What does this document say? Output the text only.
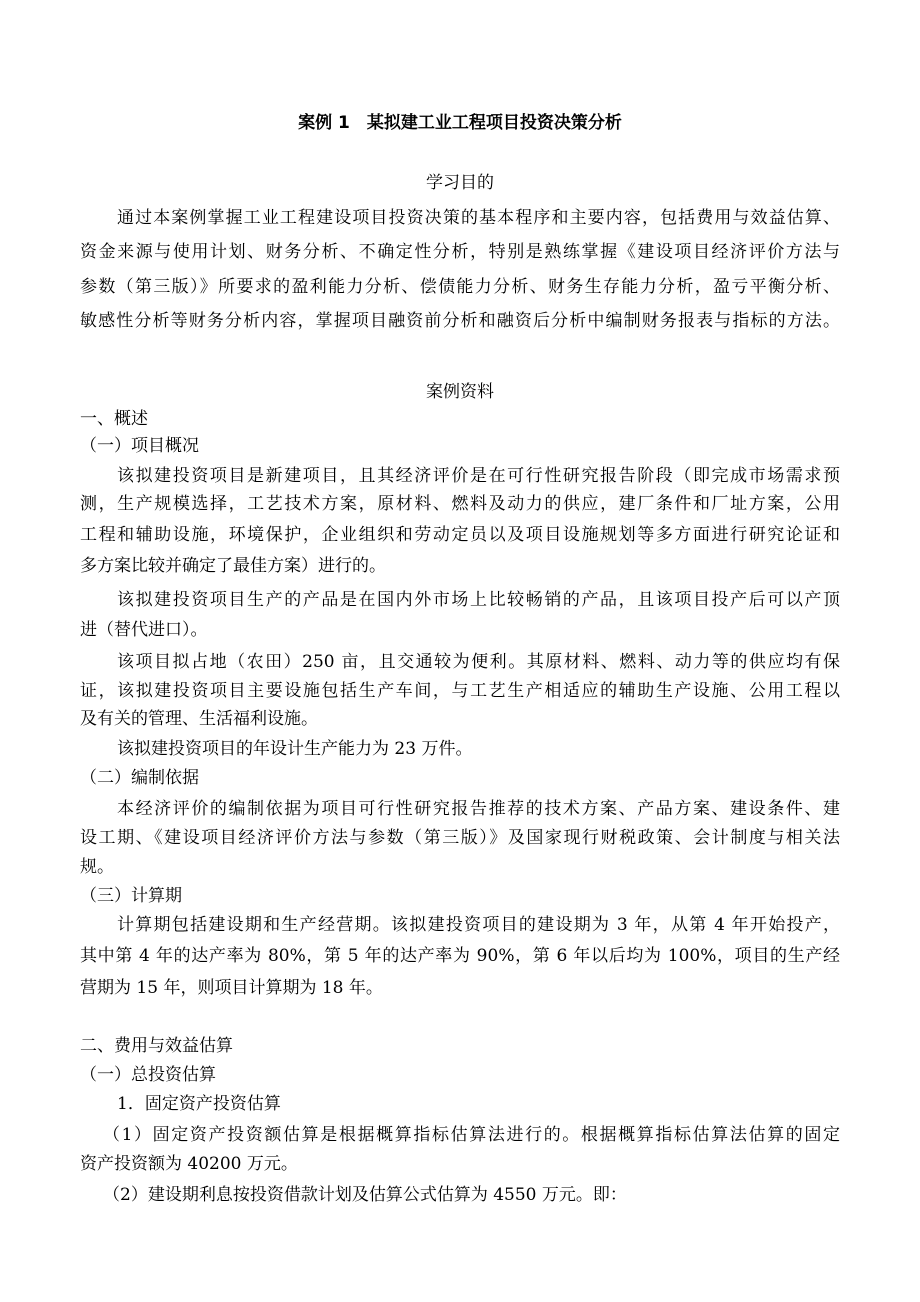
案例 1　某拟建工业工程项目投资决策分析
学习目的
通过本案例掌握工业工程建设项目投资决策的基本程序和主要内容，包括费用与效益估算、
资金来源与使用计划、财务分析、不确定性分析，特别是熟练掌握《建设项目经济评价方法与
参数（第三版）》所要求的盈利能力分析、偿债能力分析、财务生存能力分析，盈亏平衡分析、
敏感性分析等财务分析内容，掌握项目融资前分析和融资后分析中编制财务报表与指标的方法。
案例资料
一、概述
（一）项目概况
该拟建投资项目是新建项目，且其经济评价是在可行性研究报告阶段（即完成市场需求预
测，生产规模选择，工艺技术方案，原材料、燃料及动力的供应，建厂条件和厂址方案，公用
工程和辅助设施，环境保护，企业组织和劳动定员以及项目设施规划等多方面进行研究论证和
多方案比较并确定了最佳方案）进行的。
该拟建投资项目生产的产品是在国内外市场上比较畅销的产品，且该项目投产后可以产顶
进（替代进口）。
该项目拟占地（农田）250 亩，且交通较为便利。其原材料、燃料、动力等的供应均有保
证，该拟建投资项目主要设施包括生产车间，与工艺生产相适应的辅助生产设施、公用工程以
及有关的管理、生活福利设施。
该拟建投资项目的年设计生产能力为 23 万件。
（二）编制依据
本经济评价的编制依据为项目可行性研究报告推荐的技术方案、产品方案、建设条件、建
设工期、《建设项目经济评价方法与参数（第三版）》及国家现行财税政策、会计制度与相关法
规。
（三）计算期
计算期包括建设期和生产经营期。该拟建投资项目的建设期为 3 年，从第 4 年开始投产，
其中第 4 年的达产率为 80%，第 5 年的达产率为 90%，第 6 年以后均为 100%，项目的生产经
营期为 15 年，则项目计算期为 18 年。
二、费用与效益估算
（一）总投资估算
1．固定资产投资估算
（1）固定资产投资额估算是根据概算指标估算法进行的。根据概算指标估算法估算的固定
资产投资额为 40200 万元。
（2）建设期利息按投资借款计划及估算公式估算为 4550 万元。即：
